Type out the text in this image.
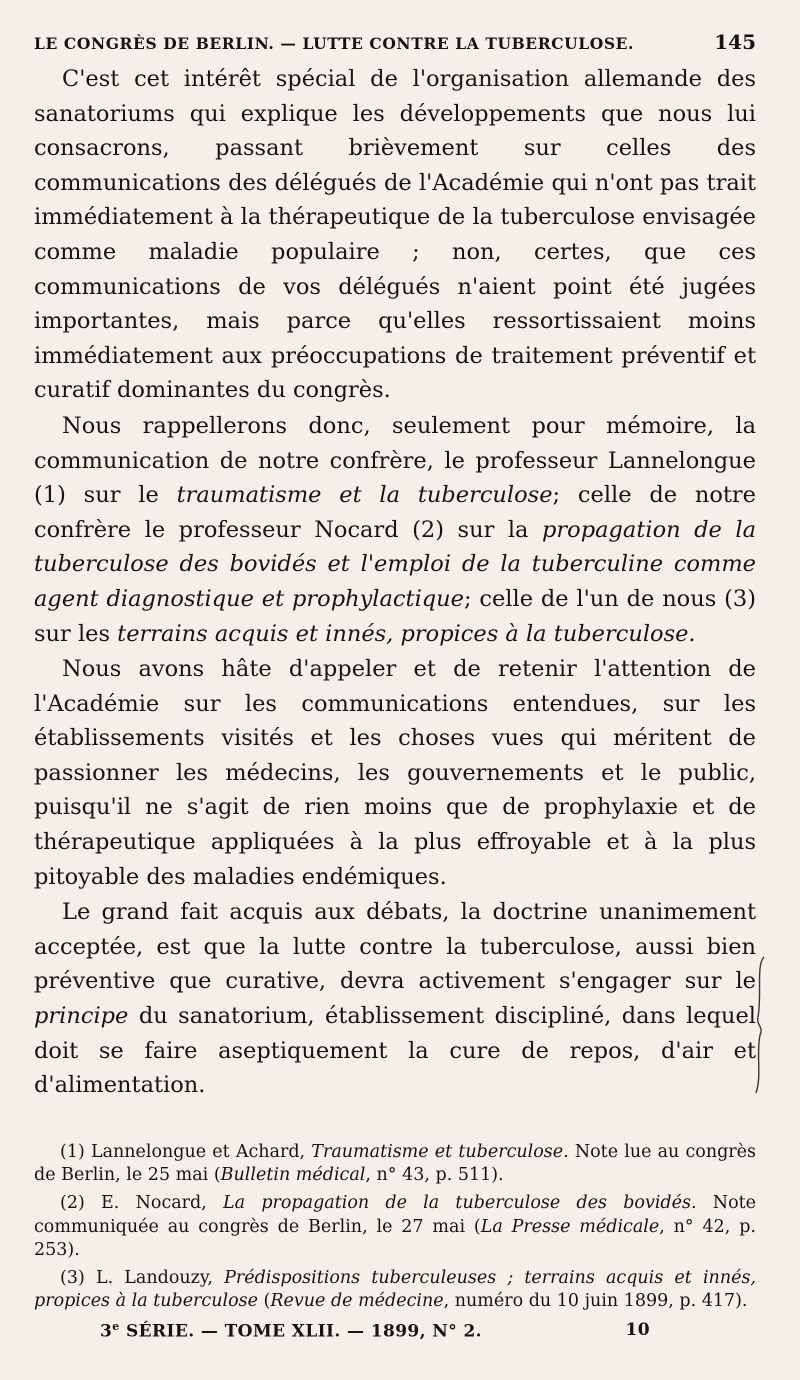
LE CONGRÈS DE BERLIN. — LUTTE CONTRE LA TUBERCULOSE.	145

C'est cet intérêt spécial de l'organisation allemande des sanatoriums qui explique les développements que nous lui consacrons, passant brièvement sur celles des communications des délégués de l'Académie qui n'ont pas trait immédiatement à la thérapeutique de la tuberculose envisagée comme maladie populaire ; non, certes, que ces communications de vos délégués n'aient point été jugées importantes, mais parce qu'elles ressortissaient moins immédiatement aux préoccupations de traitement préventif et curatif dominantes du congrès.

Nous rappellerons donc, seulement pour mémoire, la communication de notre confrère, le professeur Lannelongue (1) sur le traumatisme et la tuberculose; celle de notre confrère le professeur Nocard (2) sur la propagation de la tuberculose des bovidés et l'emploi de la tuberculine comme agent diagnostique et prophylactique; celle de l'un de nous (3) sur les terrains acquis et innés, propices à la tuberculose.

Nous avons hâte d'appeler et de retenir l'attention de l'Académie sur les communications entendues, sur les établissements visités et les choses vues qui méritent de passionner les médecins, les gouvernements et le public, puisqu'il ne s'agit de rien moins que de prophylaxie et de thérapeutique appliquées à la plus effroyable et à la plus pitoyable des maladies endémiques.

Le grand fait acquis aux débats, la doctrine unanimement acceptée, est que la lutte contre la tuberculose, aussi bien préventive que curative, devra activement s'engager sur le principe du sanatorium, établissement discipliné, dans lequel doit se faire aseptiquement la cure de repos, d'air et d'alimentation.

(1) Lannelongue et Achard, Traumatisme et tuberculose. Note lue au congrès de Berlin, le 25 mai (Bulletin médical, n° 43, p. 511).

(2) E. Nocard, La propagation de la tuberculose des bovidés. Note communiquée au congrès de Berlin, le 27 mai (La Presse médicale, n° 42, p. 253).

(3) L. Landouzy, Prédispositions tuberculeuses ; terrains acquis et innés, propices à la tuberculose (Revue de médecine, numéro du 10 juin 1899, p. 417).

3e SÉRIE. — TOME XLII. — 1899, N° 2.	10
